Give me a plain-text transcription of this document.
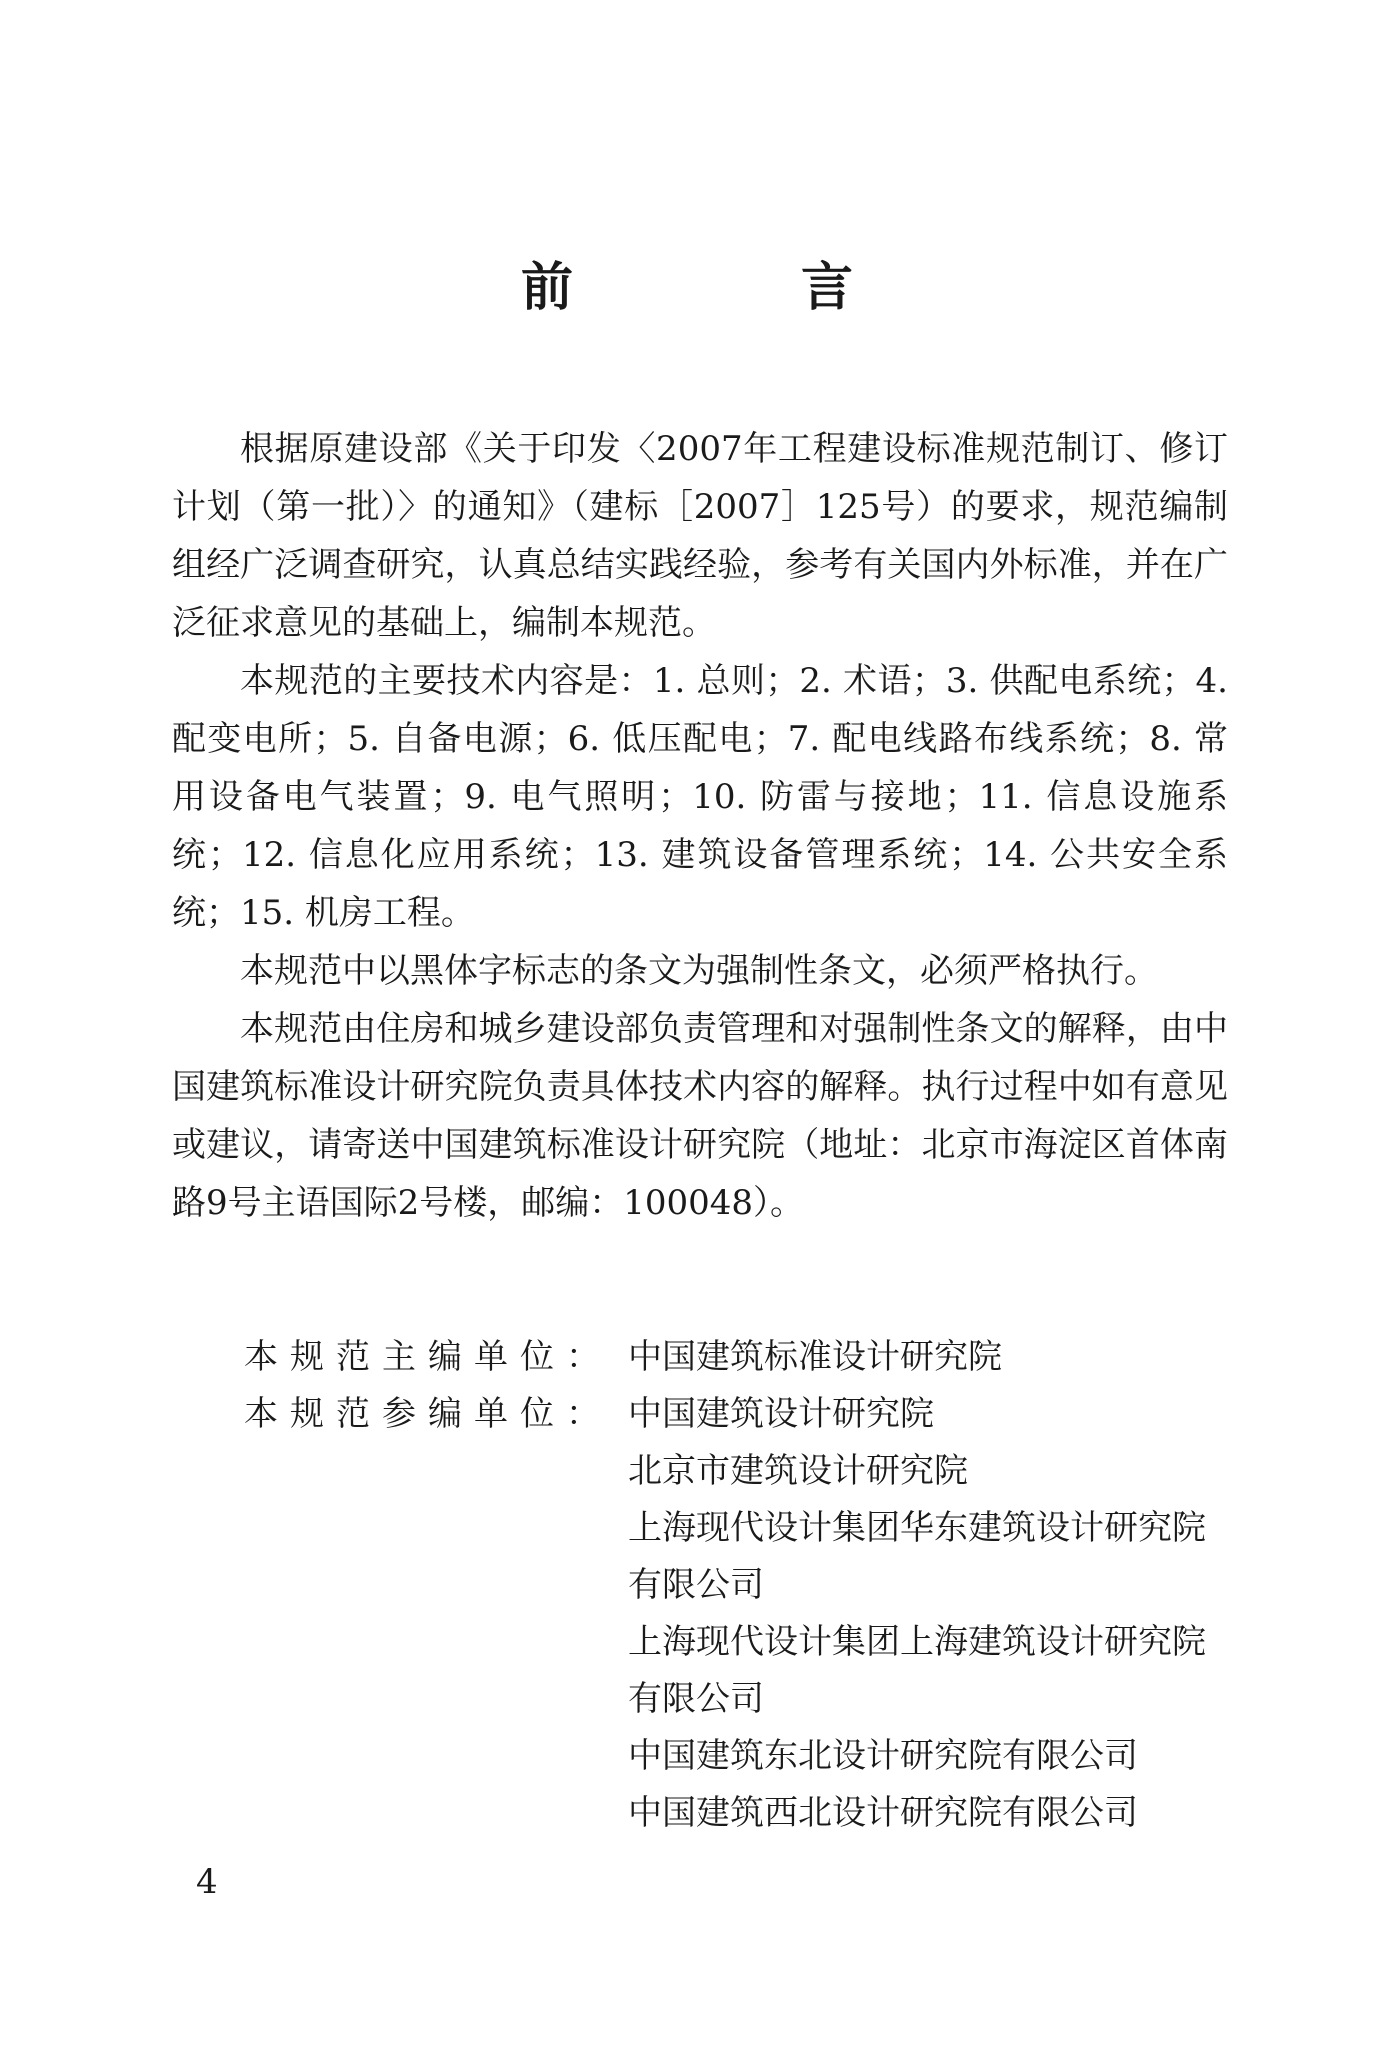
前　言

根据原建设部《关于印发〈2007年工程建设标准规范制订、修订计划（第一批）〉的通知》（建标［2007］125号）的要求，规范编制组经广泛调查研究，认真总结实践经验，参考有关国内外标准，并在广泛征求意见的基础上，编制本规范。

本规范的主要技术内容是：1. 总则；2. 术语；3. 供配电系统；4. 配变电所；5. 自备电源；6. 低压配电；7. 配电线路布线系统；8. 常用设备电气装置；9. 电气照明；10. 防雷与接地；11. 信息设施系统；12. 信息化应用系统；13. 建筑设备管理系统；14. 公共安全系统；15. 机房工程。

本规范中以黑体字标志的条文为强制性条文，必须严格执行。

本规范由住房和城乡建设部负责管理和对强制性条文的解释，由中国建筑标准设计研究院负责具体技术内容的解释。执行过程中如有意见或建议，请寄送中国建筑标准设计研究院（地址：北京市海淀区首体南路9号主语国际2号楼，邮编：100048）。

本规范主编单位： 中国建筑标准设计研究院
本规范参编单位： 中国建筑设计研究院
北京市建筑设计研究院
上海现代设计集团华东建筑设计研究院有限公司
上海现代设计集团上海建筑设计研究院有限公司
中国建筑东北设计研究院有限公司
中国建筑西北设计研究院有限公司
4
